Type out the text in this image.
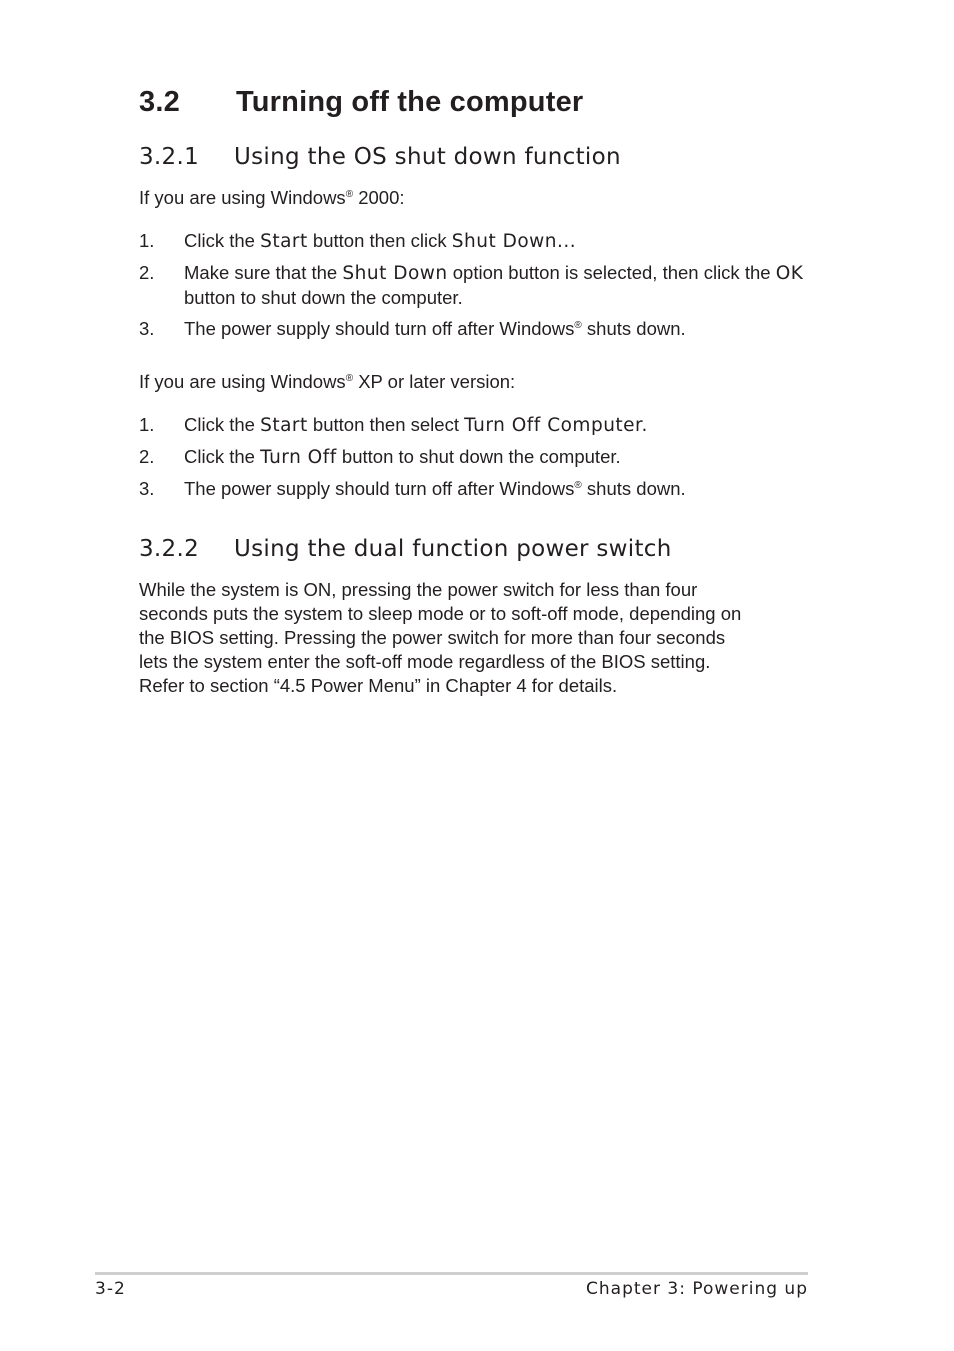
3.2 Turning off the computer
3.2.1 Using the OS shut down function

If you are using Windows® 2000:

1. Click the Start button then click Shut Down...
2. Make sure that the Shut Down option button is selected, then click the OK button to shut down the computer.
3. The power supply should turn off after Windows® shuts down.

If you are using Windows® XP or later version:

1. Click the Start button then select Turn Off Computer.
2. Click the Turn Off button to shut down the computer.
3. The power supply should turn off after Windows® shuts down.
3.2.2 Using the dual function power switch

While the system is ON, pressing the power switch for less than four
seconds puts the system to sleep mode or to soft-off mode, depending on
the BIOS setting. Pressing the power switch for more than four seconds
lets the system enter the soft-off mode regardless of the BIOS setting.
Refer to section “4.5 Power Menu” in Chapter 4 for details.

3-2	Chapter 3: Powering up
